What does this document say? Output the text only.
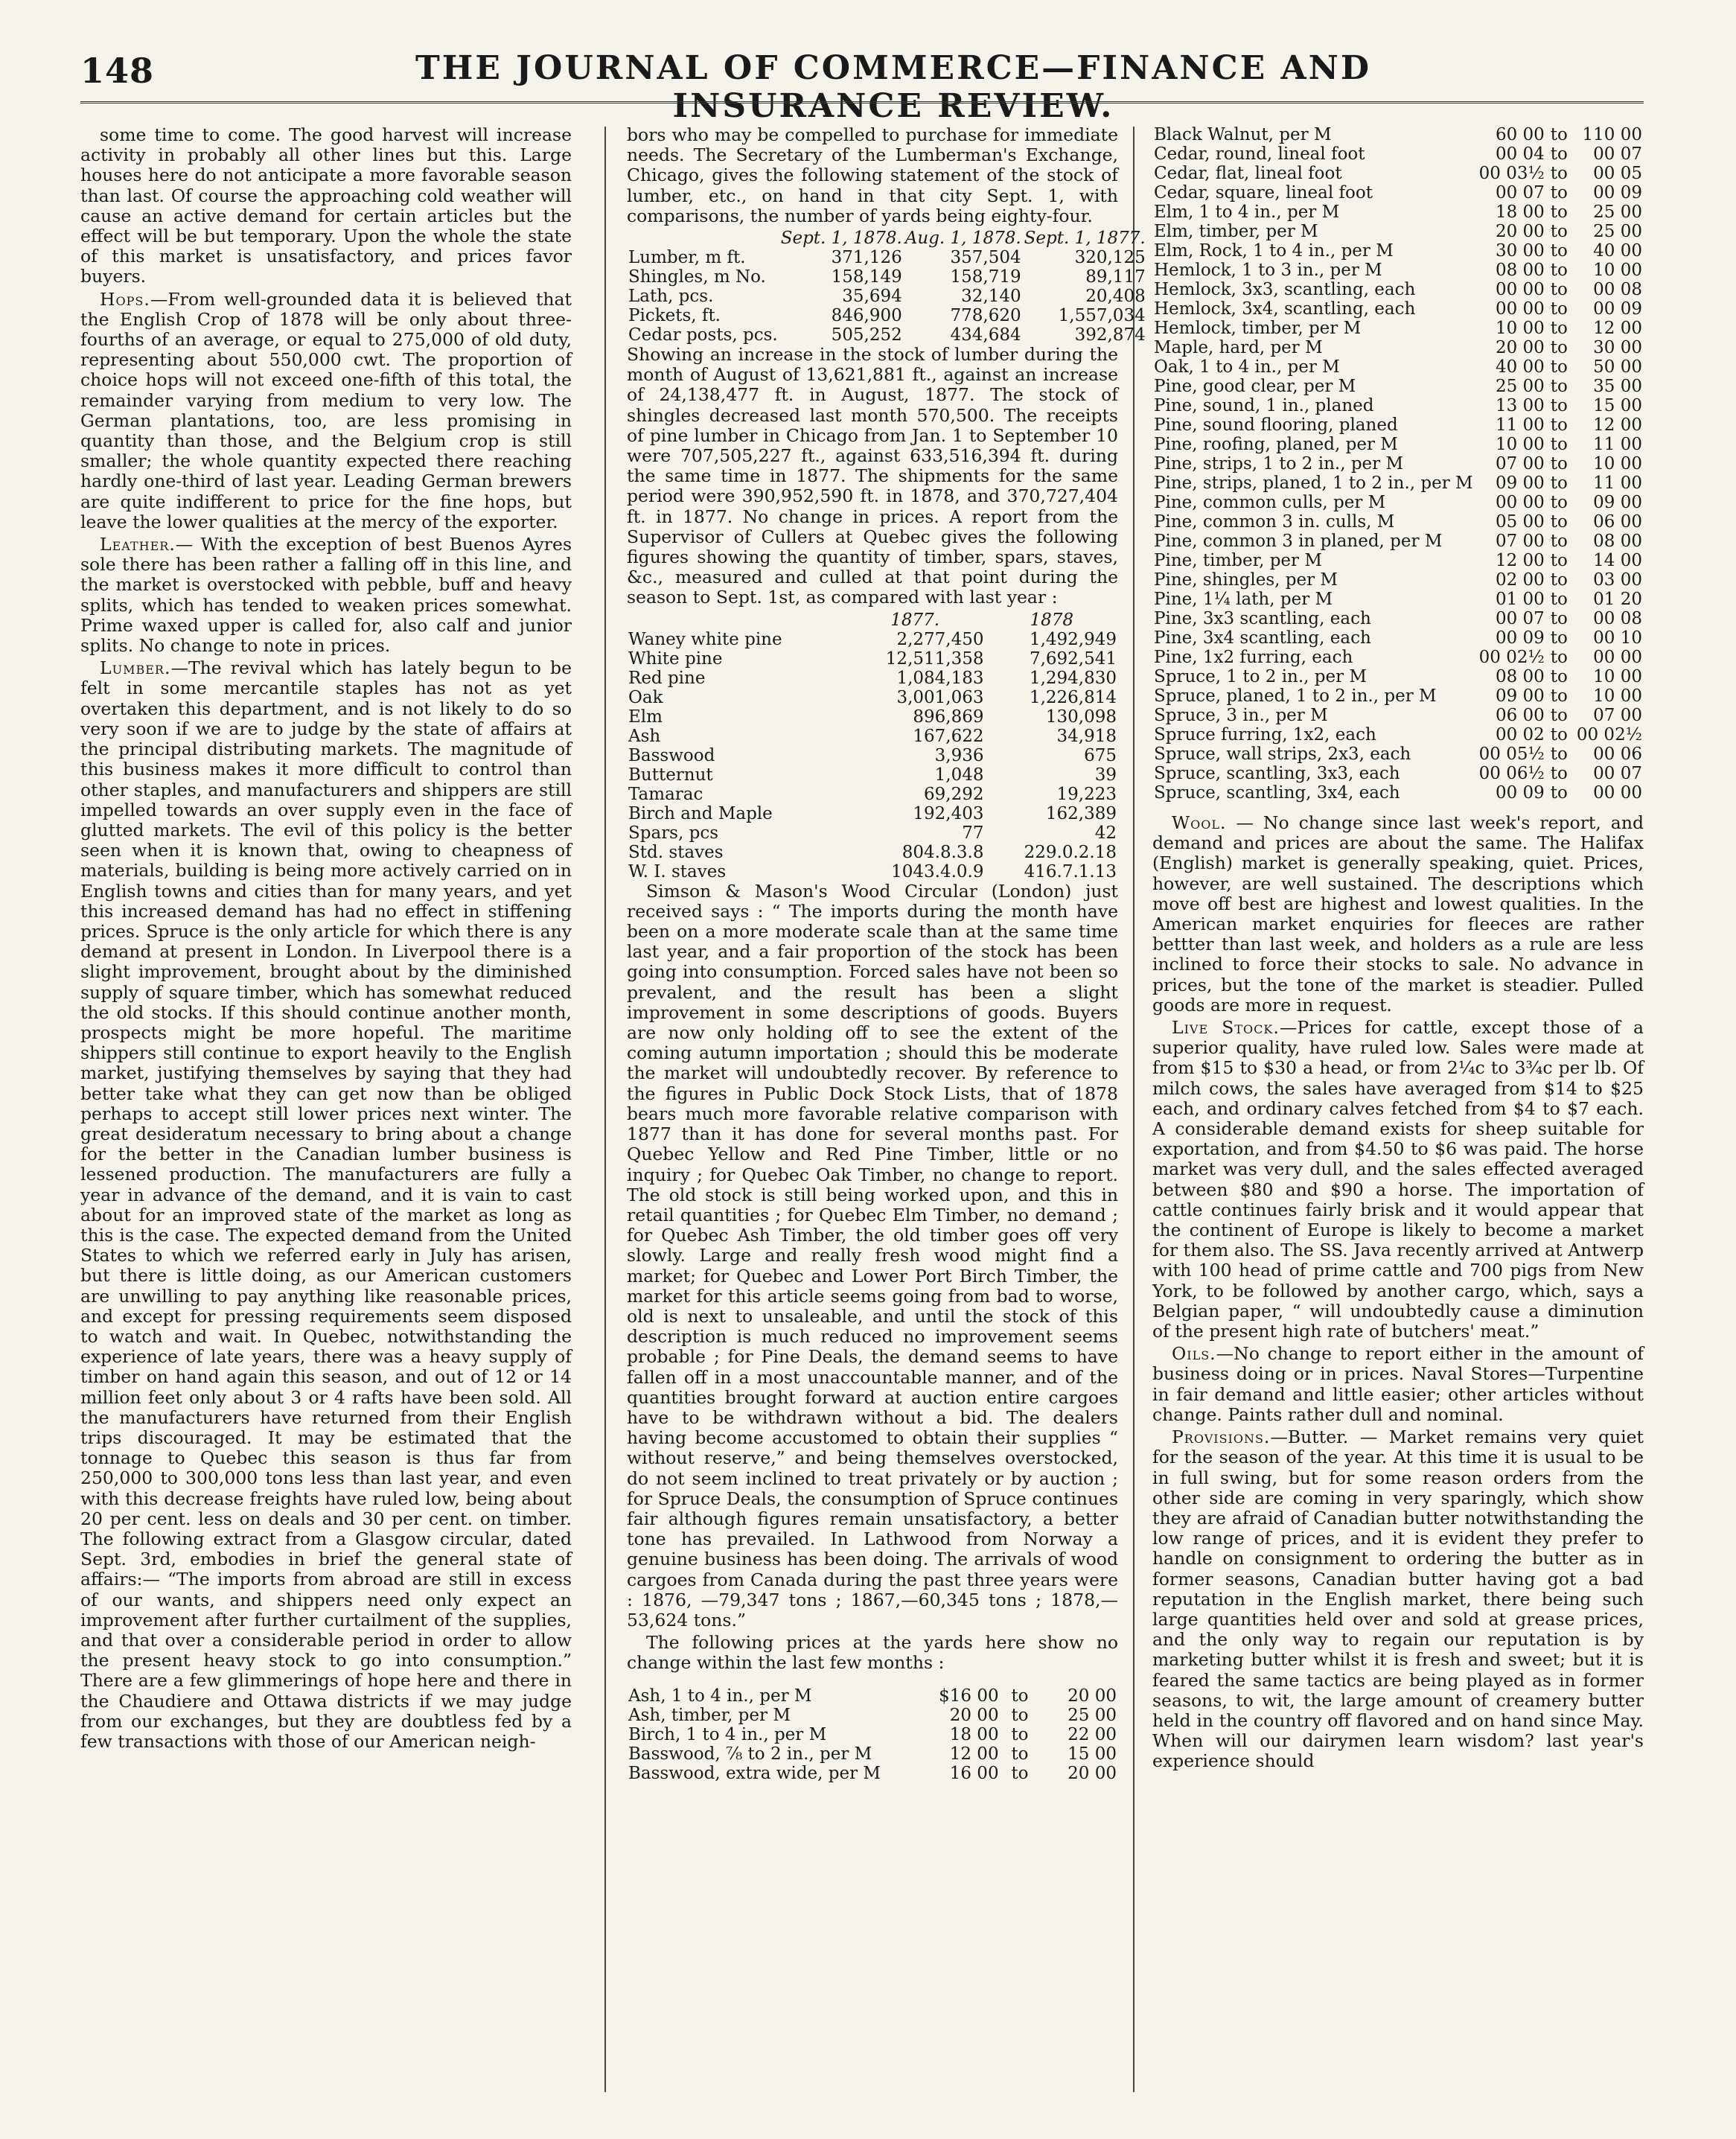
148	THE JOURNAL OF COMMERCE—FINANCE AND INSURANCE REVIEW.

some time to come. The good harvest will increase activity in probably all other lines but this. Large houses here do not anticipate a more favorable season than last. Of course the approaching cold weather will cause an active demand for certain articles but the effect will be but temporary. Upon the whole the state of this market is unsatisfactory, and prices favor buyers.

Hops.—From well-grounded data it is believed that the English Crop of 1878 will be only about three-fourths of an average, or equal to 275,000 of old duty, representing about 550,000 cwt. The proportion of choice hops will not exceed one-fifth of this total, the remainder varying from medium to very low. The German plantations, too, are less promising in quantity than those, and the Belgium crop is still smaller; the whole quantity expected there reaching hardly one-third of last year. Leading German brewers are quite indifferent to price for the fine hops, but leave the lower qualities at the mercy of the exporter.

Leather.— With the exception of best Buenos Ayres sole there has been rather a falling off in this line, and the market is overstocked with pebble, buff and heavy splits, which has tended to weaken prices somewhat. Prime waxed upper is called for, also calf and junior splits. No change to note in prices.

Lumber.—The revival which has lately begun to be felt in some mercantile staples has not as yet overtaken this department, and is not likely to do so very soon if we are to judge by the state of affairs at the principal distributing markets. The magnitude of this business makes it more difficult to control than other staples, and manufacturers and shippers are still impelled towards an over supply even in the face of glutted markets. The evil of this policy is the better seen when it is known that, owing to cheapness of materials, building is being more actively carried on in English towns and cities than for many years, and yet this increased demand has had no effect in stiffening prices. Spruce is the only article for which there is any demand at present in London. In Liverpool there is a slight improvement, brought about by the diminished supply of square timber, which has somewhat reduced the old stocks. If this should continue another month, prospects might be more hopeful. The maritime shippers still continue to export heavily to the English market, justifying themselves by saying that they had better take what they can get now than be obliged perhaps to accept still lower prices next winter. The great desideratum necessary to bring about a change for the better in the Canadian lumber business is lessened production. The manufacturers are fully a year in advance of the demand, and it is vain to cast about for an improved state of the market as long as this is the case. The expected demand from the United States to which we referred early in July has arisen, but there is little doing, as our American customers are unwilling to pay anything like reasonable prices, and except for pressing requirements seem disposed to watch and wait. In Quebec, notwithstanding the experience of late years, there was a heavy supply of timber on hand again this season, and out of 12 or 14 million feet only about 3 or 4 rafts have been sold. All the manufacturers have returned from their English trips discouraged. It may be estimated that the tonnage to Quebec this season is thus far from 250,000 to 300,000 tons less than last year, and even with this decrease freights have ruled low, being about 20 per cent. less on deals and 30 per cent. on timber. The following extract from a Glasgow circular, dated Sept. 3rd, embodies in brief the general state of affairs:— “The imports from abroad are still in excess of our wants, and shippers need only expect an improvement after further curtailment of the supplies, and that over a considerable period in order to allow the present heavy stock to go into consumption.” There are a few glimmerings of hope here and there in the Chaudiere and Ottawa districts if we may judge from our exchanges, but they are doubtless fed by a few transactions with those of our American neigh-

bors who may be compelled to purchase for immediate needs. The Secretary of the Lumberman's Exchange, Chicago, gives the following statement of the stock of lumber, etc., on hand in that city Sept. 1, with comparisons, the number of yards being eighty-four.

	Sept. 1, 1878.	Aug. 1, 1878.	Sept. 1, 1877.
Lumber, m ft.	371,126	357,504	320,125
Shingles, m No.	158,149	158,719	89,117
Lath, pcs.	35,694	32,140	20,408
Pickets, ft.	846,900	778,620	1,557,034
Cedar posts, pcs.	505,252	434,684	392,874

Showing an increase in the stock of lumber during the month of August of 13,621,881 ft., against an increase of 24,138,477 ft. in August, 1877. The stock of shingles decreased last month 570,500. The receipts of pine lumber in Chicago from Jan. 1 to September 10 were 707,505,227 ft., against 633,516,394 ft. during the same time in 1877. The shipments for the same period were 390,952,590 ft. in 1878, and 370,727,404 ft. in 1877. No change in prices. A report from the Supervisor of Cullers at Quebec gives the following figures showing the quantity of timber, spars, staves, &c., measured and culled at that point during the season to Sept. 1st, as compared with last year :

	1877.	1878
Waney white pine	2,277,450	1,492,949
White pine	12,511,358	7,692,541
Red pine	1,084,183	1,294,830
Oak	3,001,063	1,226,814
Elm	896,869	130,098
Ash	167,622	34,918
Basswood	3,936	675
Butternut	1,048	39
Tamarac	69,292	19,223
Birch and Maple	192,403	162,389
Spars, pcs	77	42
Std. staves	804.8.3.8	229.0.2.18
W. I. staves	1043.4.0.9	416.7.1.13

Simson & Mason's Wood Circular (London) just received says : “ The imports during the month have been on a more moderate scale than at the same time last year, and a fair proportion of the stock has been going into consumption. Forced sales have not been so prevalent, and the result has been a slight improvement in some descriptions of goods. Buyers are now only holding off to see the extent of the coming autumn importation ; should this be moderate the market will undoubtedly recover. By reference to the figures in Public Dock Stock Lists, that of 1878 bears much more favorable relative comparison with 1877 than it has done for several months past. For Quebec Yellow and Red Pine Timber, little or no inquiry ; for Quebec Oak Timber, no change to report. The old stock is still being worked upon, and this in retail quantities ; for Quebec Elm Timber, no demand ; for Quebec Ash Timber, the old timber goes off very slowly. Large and really fresh wood might find a market; for Quebec and Lower Port Birch Timber, the market for this article seems going from bad to worse, old is next to unsaleable, and until the stock of this description is much reduced no improvement seems probable ; for Pine Deals, the demand seems to have fallen off in a most unaccountable manner, and of the quantities brought forward at auction entire cargoes have to be withdrawn without a bid. The dealers having become accustomed to obtain their supplies “ without reserve,” and being themselves overstocked, do not seem inclined to treat privately or by auction ; for Spruce Deals, the consumption of Spruce continues fair although figures remain unsatisfactory, a better tone has prevailed. In Lathwood from Norway a genuine business has been doing. The arrivals of wood cargoes from Canada during the past three years were : 1876, —79,347 tons ; 1867,—60,345 tons ; 1878,—53,624 tons.”

The following prices at the yards here show no change within the last few months :

Ash, 1 to 4 in., per M	$16 00	to	20 00
Ash, timber, per M	20 00	to	25 00
Birch, 1 to 4 in., per M	18 00	to	22 00
Basswood, ⅞ to 2 in., per M	12 00	to	15 00
Basswood, extra wide, per M	16 00	to	20 00
Black Walnut, per M	60 00	to	110 00
Cedar, round, lineal foot	00 04	to	00 07
Cedar, flat, lineal foot	00 03½	to	00 05
Cedar, square, lineal foot	00 07	to	00 09
Elm, 1 to 4 in., per M	18 00	to	25 00
Elm, timber, per M	20 00	to	25 00
Elm, Rock, 1 to 4 in., per M	30 00	to	40 00
Hemlock, 1 to 3 in., per M	08 00	to	10 00
Hemlock, 3x3, scantling, each	00 00	to	00 08
Hemlock, 3x4, scantling, each	00 00	to	00 09
Hemlock, timber, per M	10 00	to	12 00
Maple, hard, per M	20 00	to	30 00
Oak, 1 to 4 in., per M	40 00	to	50 00
Pine, good clear, per M	25 00	to	35 00
Pine, sound, 1 in., planed	13 00	to	15 00
Pine, sound flooring, planed	11 00	to	12 00
Pine, roofing, planed, per M	10 00	to	11 00
Pine, strips, 1 to 2 in., per M	07 00	to	10 00
Pine, strips, planed, 1 to 2 in., per M	09 00	to	11 00
Pine, common culls, per M	00 00	to	09 00
Pine, common 3 in. culls, M	05 00	to	06 00
Pine, common 3 in planed, per M	07 00	to	08 00
Pine, timber, per M	12 00	to	14 00
Pine, shingles, per M	02 00	to	03 00
Pine, 1¼ lath, per M	01 00	to	01 20
Pine, 3x3 scantling, each	00 07	to	00 08
Pine, 3x4 scantling, each	00 09	to	00 10
Pine, 1x2 furring, each	00 02½	to	00 00
Spruce, 1 to 2 in., per M	08 00	to	10 00
Spruce, planed, 1 to 2 in., per M	09 00	to	10 00
Spruce, 3 in., per M	06 00	to	07 00
Spruce furring, 1x2, each	00 02	to	00 02½
Spruce, wall strips, 2x3, each	00 05½	to	00 06
Spruce, scantling, 3x3, each	00 06½	to	00 07
Spruce, scantling, 3x4, each	00 09	to	00 00

Wool. — No change since last week's report, and demand and prices are about the same. The Halifax (English) market is generally speaking, quiet. Prices, however, are well sustained. The descriptions which move off best are highest and lowest qualities. In the American market enquiries for fleeces are rather bettter than last week, and holders as a rule are less inclined to force their stocks to sale. No advance in prices, but the tone of the market is steadier. Pulled goods are more in request.

Live Stock.—Prices for cattle, except those of a superior quality, have ruled low. Sales were made at from $15 to $30 a head, or from 2¼c to 3¾c per lb. Of milch cows, the sales have averaged from $14 to $25 each, and ordinary calves fetched from $4 to $7 each. A considerable demand exists for sheep suitable for exportation, and from $4.50 to $6 was paid. The horse market was very dull, and the sales effected averaged between $80 and $90 a horse. The importation of cattle continues fairly brisk and it would appear that the continent of Europe is likely to become a market for them also. The SS. Java recently arrived at Antwerp with 100 head of prime cattle and 700 pigs from New York, to be followed by another cargo, which, says a Belgian paper, “ will undoubtedly cause a diminution of the present high rate of butchers' meat.”

Oils.—No change to report either in the amount of business doing or in prices. Naval Stores—Turpentine in fair demand and little easier; other articles without change. Paints rather dull and nominal.

Provisions.—Butter. — Market remains very quiet for the season of the year. At this time it is usual to be in full swing, but for some reason orders from the other side are coming in very sparingly, which show they are afraid of Canadian butter notwithstanding the low range of prices, and it is evident they prefer to handle on consignment to ordering the butter as in former seasons, Canadian butter having got a bad reputation in the English market, there being such large quantities held over and sold at grease prices, and the only way to regain our reputation is by marketing butter whilst it is fresh and sweet; but it is feared the same tactics are being played as in former seasons, to wit, the large amount of creamery butter held in the country off flavored and on hand since May. When will our dairymen learn wisdom? last year's experience should
